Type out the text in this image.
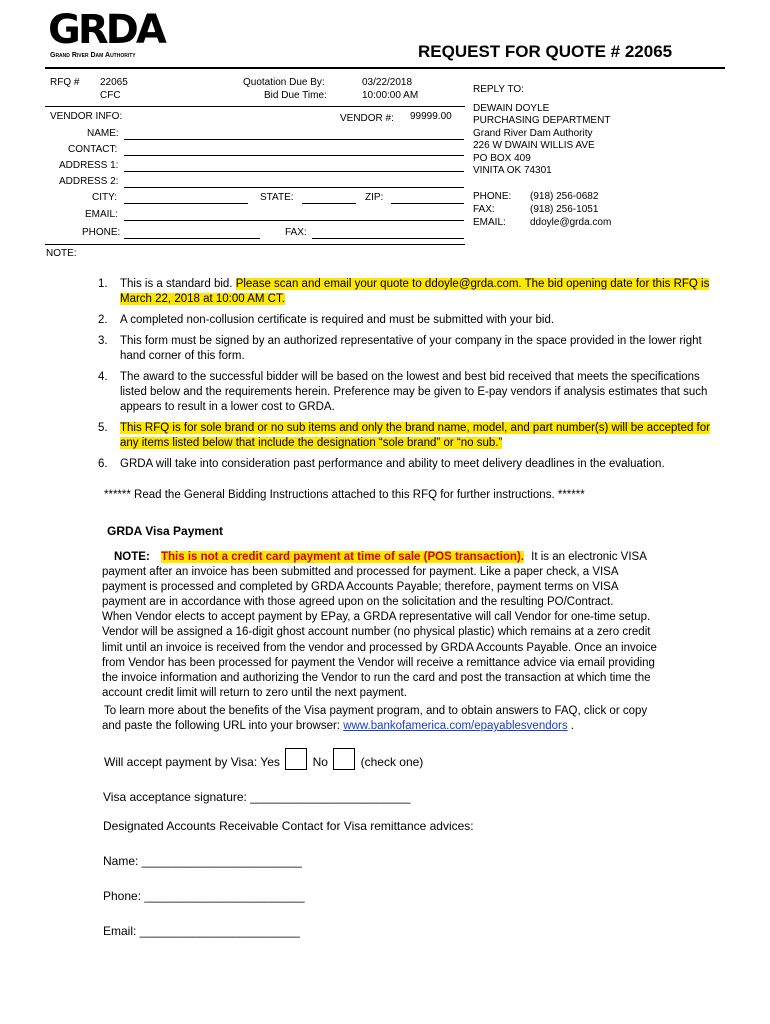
GRDA
Grand River Dam Authority	REQUEST FOR QUOTE # 22065
RFQ # 22065
CFC
Quotation Due By:	03/22/2018
Bid Due Time:	10:00:00 AM
VENDOR INFO:	VENDOR #: 99999.00
NAME:
CONTACT:
ADDRESS 1:
ADDRESS 2:
CITY:	STATE:	ZIP:
EMAIL:
PHONE:	FAX:
REPLY TO:
DEWAIN DOYLE
PURCHASING DEPARTMENT
Grand River Dam Authority
226 W DWAIN WILLIS AVE
PO BOX 409
VINITA OK 74301
PHONE: (918) 256-0682
FAX:	(918) 256-1051
EMAIL: ddoyle@grda.com
NOTE:
1.	This is a standard bid. Please scan and email your quote to ddoyle@grda.com. The bid opening date for this RFQ is March 22, 2018 at 10:00 AM CT.
2.	A completed non-collusion certificate is required and must be submitted with your bid.
3.	This form must be signed by an authorized representative of your company in the space provided in the lower right hand corner of this form.
4.	The award to the successful bidder will be based on the lowest and best bid received that meets the specifications listed below and the requirements herein. Preference may be given to E-pay vendors if analysis estimates that such appears to result in a lower cost to GRDA.
5.	This RFQ is for sole brand or no sub items and only the brand name, model, and part number(s) will be accepted for any items listed below that include the designation “sole brand” or “no sub.”
6.	GRDA will take into consideration past performance and ability to meet delivery deadlines in the evaluation.
****** Read the General Bidding Instructions attached to this RFQ for further instructions. ******
GRDA Visa Payment
NOTE: This is not a credit card payment at time of sale (POS transaction). It is an electronic VISA
payment after an invoice has been submitted and processed for payment. Like a paper check, a VISA
payment is processed and completed by GRDA Accounts Payable; therefore, payment terms on VISA
payment are in accordance with those agreed upon on the solicitation and the resulting PO/Contract.
When Vendor elects to accept payment by EPay, a GRDA representative will call Vendor for one-time setup.
Vendor will be assigned a 16-digit ghost account number (no physical plastic) which remains at a zero credit
limit until an invoice is received from the vendor and processed by GRDA Accounts Payable. Once an invoice
from Vendor has been processed for payment the Vendor will receive a remittance advice via email providing
the invoice information and authorizing the Vendor to run the card and post the transaction at which time the
account credit limit will return to zero until the next payment.
To learn more about the benefits of the Visa payment program, and to obtain answers to FAQ, click or copy
and paste the following URL into your browser: www.bankofamerica.com/epayablesvendors .
Will accept payment by Visa: Yes	No	(check one)
Visa acceptance signature: ________________________
Designated Accounts Receivable Contact for Visa remittance advices:
Name: ________________________
Phone: ________________________
Email: ________________________
